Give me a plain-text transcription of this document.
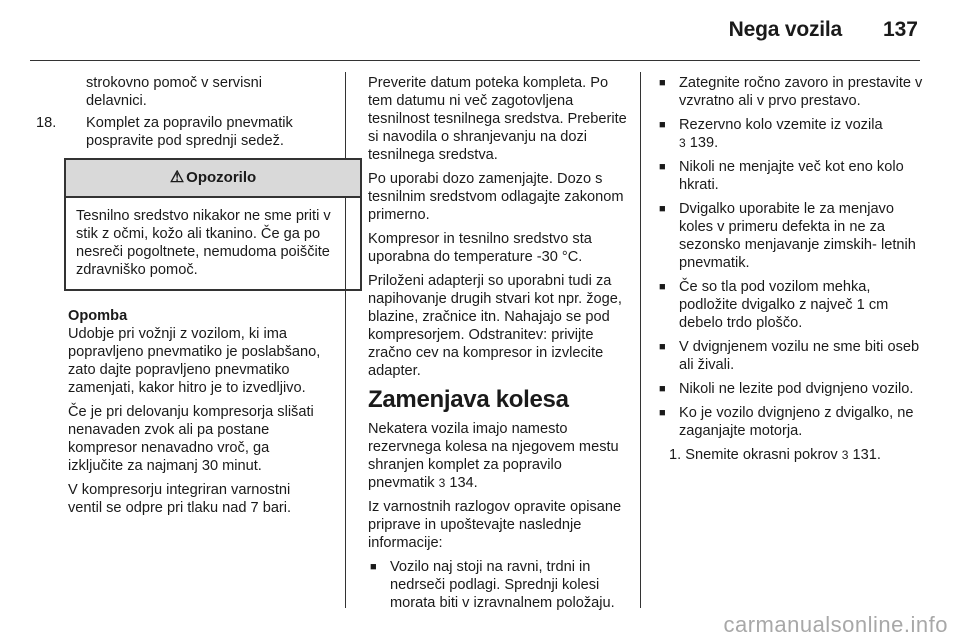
Nega vozila 137
strokovno pomoč v servisni delavnici.
18. Komplet za popravilo pnevmatik pospravite pod sprednji sedež.
⚠ Opozorilo
Tesnilno sredstvo nikakor ne sme priti v stik z očmi, kožo ali tkanino. Če ga po nesreči pogoltnete, nemudoma poiščite zdravniško pomoč.
Opomba

Udobje pri vožnji z vozilom, ki ima popravljeno pnevmatiko je poslabšano, zato dajte popravljeno pnevmatiko zamenjati, kakor hitro je to izvedljivo.

Če je pri delovanju kompresorja slišati nenavaden zvok ali pa postane kompresor nenavadno vroč, ga izključite za najmanj 30 minut.

V kompresorju integriran varnostni ventil se odpre pri tlaku nad 7 bari.

Preverite datum poteka kompleta. Po tem datumu ni več zagotovljena tesnilnost tesnilnega sredstva. Preberite si navodila o shranjevanju na dozi tesnilnega sredstva.

Po uporabi dozo zamenjajte. Dozo s tesnilnim sredstvom odlagajte zakonom primerno.

Kompresor in tesnilno sredstvo sta uporabna do temperature -30 °C.

Priloženi adapterji so uporabni tudi za napihovanje drugih stvari kot npr. žoge, blazine, zračnice itn. Nahajajo se pod kompresorjem. Odstranitev: privijte zračno cev na kompresor in izvlecite adapter.

Zamenjava kolesa

Nekatera vozila imajo namesto rezervnega kolesa na njegovem mestu shranjen komplet za popravilo pnevmatik 3 134.

Iz varnostnih razlogov opravite opisane priprave in upoštevajte naslednje informacije:

■ Vozilo naj stoji na ravni, trdni in nedrseči podlagi. Sprednji kolesi morata biti v izravnalnem položaju.
■ Zategnite ročno zavoro in prestavite v vzvratno ali v prvo prestavo.
■ Rezervno kolo vzemite iz vozila
3 139.
■ Nikoli ne menjajte več kot eno kolo hkrati.
■ Dvigalko uporabite le za menjavo koles v primeru defekta in ne za sezonsko menjavanje zimskih- letnih pnevmatik.
■ Če so tla pod vozilom mehka, podložite dvigalko z največ 1 cm debelo trdo ploščo.
■ V dvignjenem vozilu ne sme biti oseb ali živali.
■ Nikoli ne lezite pod dvignjeno vozilo.
■ Ko je vozilo dvignjeno z dvigalko, ne zaganjajte motorja.

1. Snemite okrasni pokrov 3 131.

carmanualsonline.info
